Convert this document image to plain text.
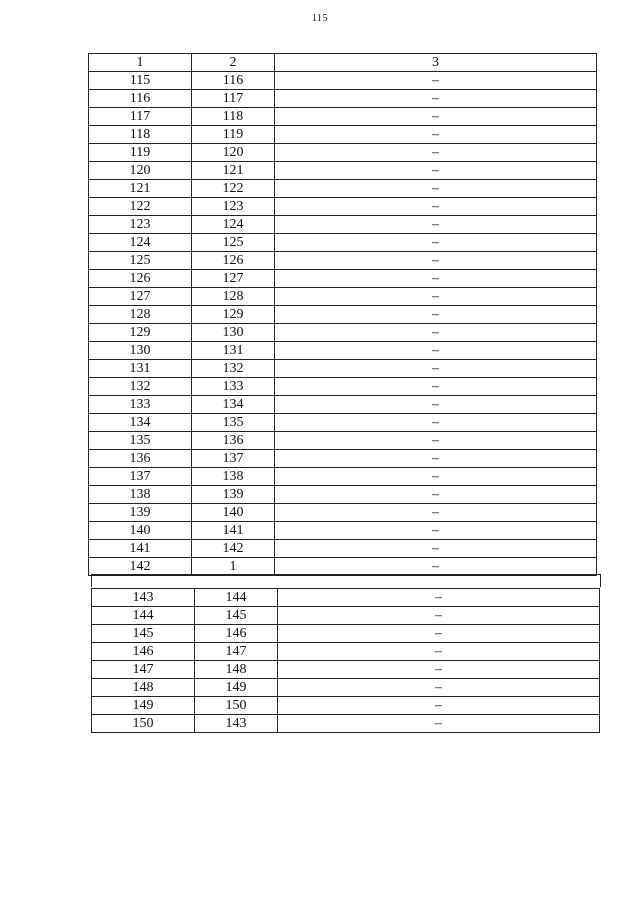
115
1	2	3
115	116	–
116	117	–
117	118	–
118	119	–
119	120	–
120	121	–
121	122	–
122	123	–
123	124	–
124	125	–
125	126	–
126	127	–
127	128	–
128	129	–
129	130	–
130	131	–
131	132	–
132	133	–
133	134	–
134	135	–
135	136	–
136	137	–
137	138	–
138	139	–
139	140	–
140	141	–
141	142	–
142	1	–
143	144	–
144	145	–
145	146	–
146	147	–
147	148	–
148	149	–
149	150	–
150	143	–
